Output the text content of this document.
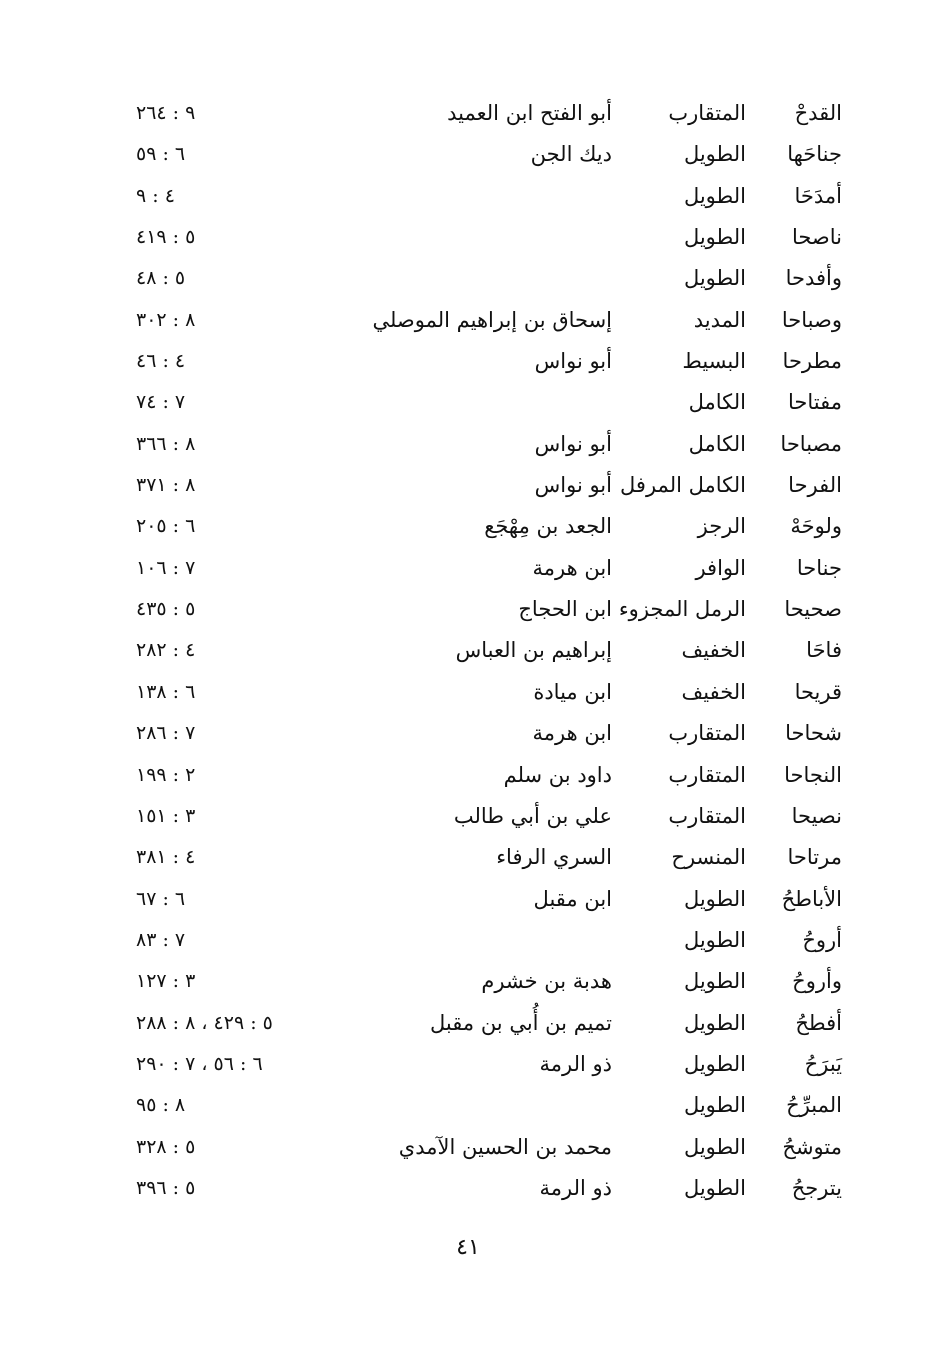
القدحْ
المتقارب
أبو الفتح ابن العميد
٩ : ٢٦٤
جناحَها
الطويل
ديك الجن
٦ : ٥٩
أمدَحَا
الطويل
٤ : ٩
ناصحا
الطويل
٥ : ٤١٩
وأفدحا
الطويل
٥ : ٤٨
وصباحا
المديد
إسحاق بن إبراهيم الموصلي
٨ : ٣٠٢
مطرحا
البسيط
أبو نواس
٤ : ٤٦
مفتاحا
الكامل
٧ : ٧٤
مصباحا
الكامل
أبو نواس
٨ : ٣٦٦
الفرحا
الكامل المرفل
أبو نواس
٨ : ٣٧١
ولوحَهْ
الرجز
الجعد بن مِهْجَع
٦ : ٢٠٥
جناحا
الوافر
ابن هرمة
٧ : ١٠٦
صحيحا
الرمل المجزوء
ابن الحجاج
٥ : ٤٣٥
فاحَا
الخفيف
إبراهيم بن العباس
٤ : ٢٨٢
قريحا
الخفيف
ابن ميادة
٦ : ١٣٨
شحاحا
المتقارب
ابن هرمة
٧ : ٢٨٦
النجاحا
المتقارب
داود بن سلم
٢ : ١٩٩
نصيحا
المتقارب
علي بن أبي طالب
٣ : ١٥١
مرتاحا
المنسرح
السري الرفاء
٤ : ٣٨١
الأباطحُ
الطويل
ابن مقبل
٦ : ٦٧
أروحُ
الطويل
٧ : ٨٣
وأروحُ
الطويل
هدبة بن خشرم
٣ : ١٢٧
أفطحُ
الطويل
تميم بن أُبي بن مقبل
٥ : ٤٢٩ ، ٨ : ٢٨٨
يَبرَحُ
الطويل
ذو الرمة
٦ : ٥٦ ، ٧ : ٢٩٠
المبرِّحُ
الطويل
٨ : ٩٥
متوشحُ
الطويل
محمد بن الحسين الآمدي
٥ : ٣٢٨
يترجحُ
الطويل
ذو الرمة
٥ : ٣٩٦
٤١
